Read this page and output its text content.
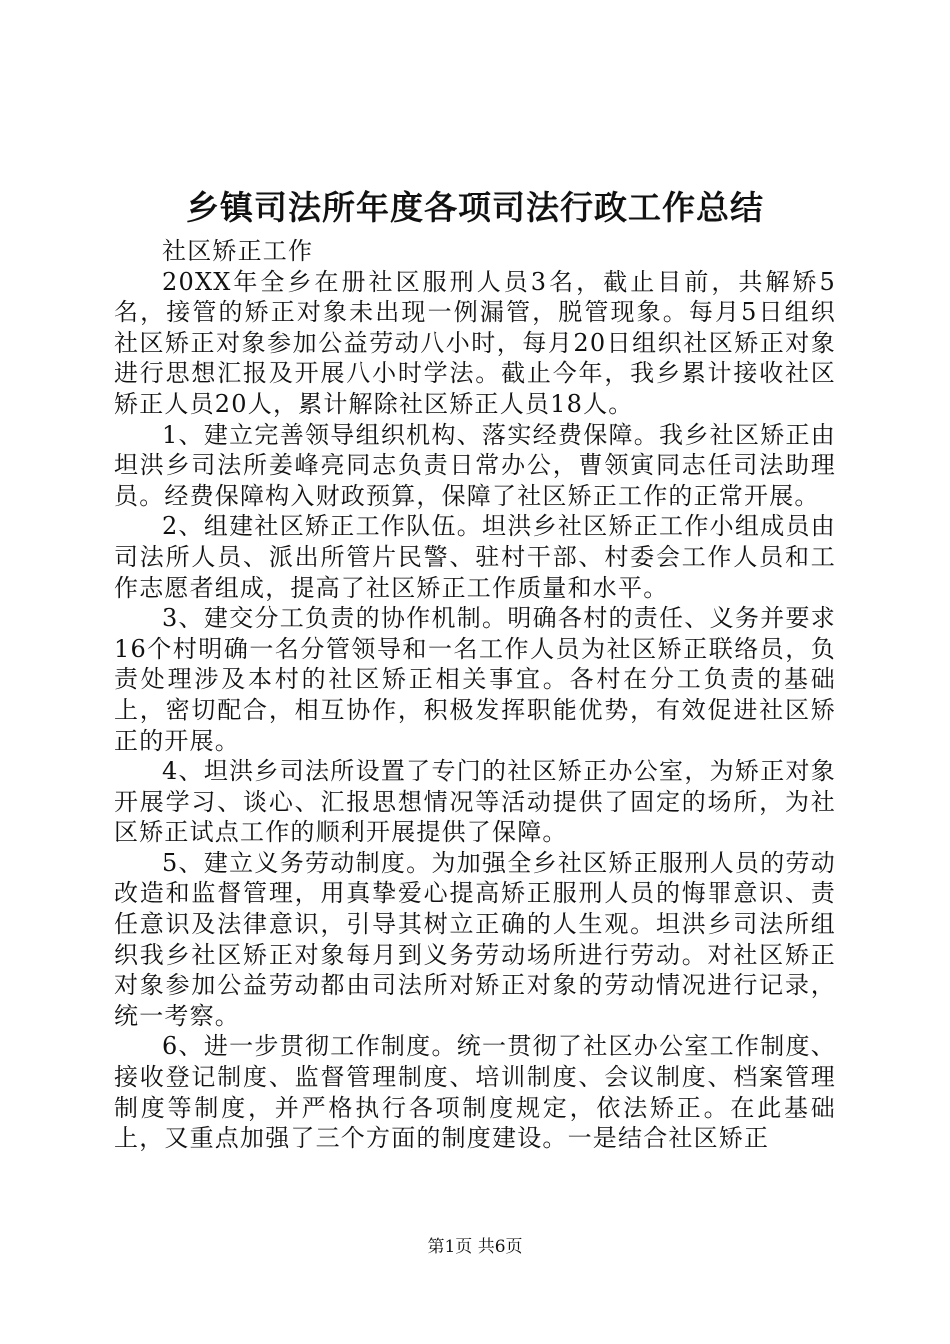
乡镇司法所年度各项司法行政工作总结

社区矫正工作

20XX年全乡在册社区服刑人员3名，截止目前，共解矫5名，接管的矫正对象未出现一例漏管，脱管现象。每月5日组织社区矫正对象参加公益劳动八小时，每月20日组织社区矫正对象进行思想汇报及开展八小时学法。截止今年，我乡累计接收社区矫正人员20人，累计解除社区矫正人员18人。

1、建立完善领导组织机构、落实经费保障。我乡社区矫正由坦洪乡司法所姜峰亮同志负责日常办公，曹领寅同志任司法助理员。经费保障构入财政预算，保障了社区矫正工作的正常开展。

2、组建社区矫正工作队伍。坦洪乡社区矫正工作小组成员由司法所人员、派出所管片民警、驻村干部、村委会工作人员和工作志愿者组成，提高了社区矫正工作质量和水平。

3、建交分工负责的协作机制。明确各村的责任、义务并要求16个村明确一名分管领导和一名工作人员为社区矫正联络员，负责处理涉及本村的社区矫正相关事宜。各村在分工负责的基础上，密切配合，相互协作，积极发挥职能优势，有效促进社区矫正的开展。

4、坦洪乡司法所设置了专门的社区矫正办公室，为矫正对象开展学习、谈心、汇报思想情况等活动提供了固定的场所，为社区矫正试点工作的顺利开展提供了保障。

5、建立义务劳动制度。为加强全乡社区矫正服刑人员的劳动改造和监督管理，用真挚爱心提高矫正服刑人员的悔罪意识、责任意识及法律意识，引导其树立正确的人生观。坦洪乡司法所组织我乡社区矫正对象每月到义务劳动场所进行劳动。对社区矫正对象参加公益劳动都由司法所对矫正对象的劳动情况进行记录，统一考察。

6、进一步贯彻工作制度。统一贯彻了社区办公室工作制度、接收登记制度、监督管理制度、培训制度、会议制度、档案管理制度等制度，并严格执行各项制度规定，依法矫正。在此基础上，又重点加强了三个方面的制度建设。一是结合社区矫正

第1页 共6页
